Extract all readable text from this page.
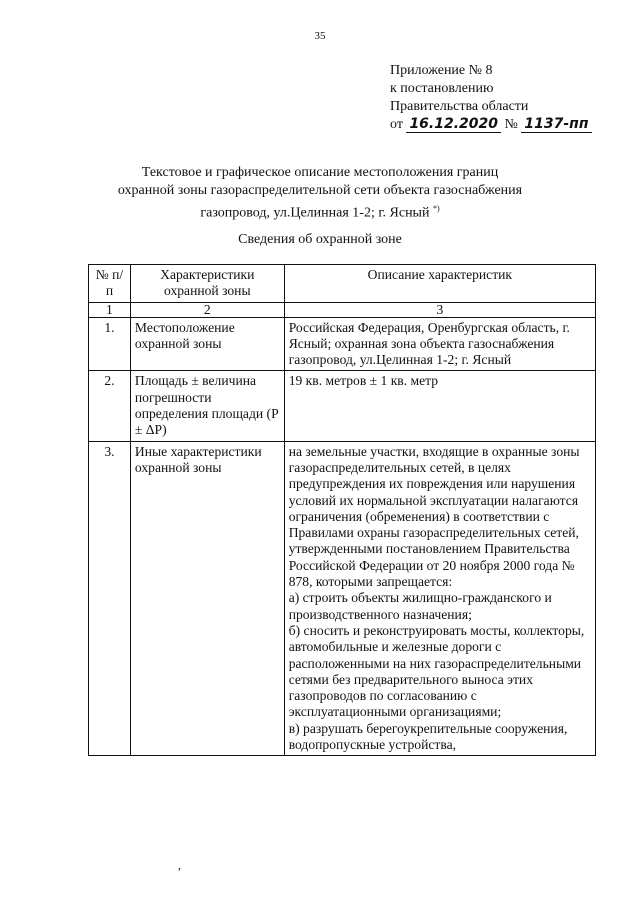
35
Приложение № 8
к постановлению
Правительства области
от 16.12.2020 № 1137-пп
Текстовое и графическое описание местоположения границ
охранной зоны газораспределительной сети объекта газоснабжения
газопровод, ул.Целинная 1-2; г. Ясный *)
Сведения об охранной зоне
№ п/п	Характеристики охранной зоны	Описание характеристик
1	2	3
1.	Местоположение охранной зоны	Российская Федерация, Оренбургская область, г. Ясный; охранная зона объекта газоснабжения газопровод, ул.Целинная 1-2; г. Ясный
2.	Площадь ± величина погрешности определения площади (P ± ΔP)	19 кв. метров ± 1 кв. метр
3.	Иные характеристики охранной зоны	на земельные участки, входящие в охранные зоны газораспределительных сетей, в целях предупреждения их повреждения или нарушения условий их нормальной эксплуатации налагаются ограничения (обременения) в соответствии с Правилами охраны газораспределительных сетей, утвержденными постановлением Правительства Российской Федерации от 20 ноября 2000 года № 878, которыми запрещается:
а) строить объекты жилищно-гражданского и производственного назначения;
б) сносить и реконструировать мосты, коллекторы, автомобильные и железные дороги с расположенными на них газораспределительными сетями без предварительного выноса этих газопроводов по согласованию с эксплуатационными организациями;
в) разрушать берегоукрепительные сооружения, водопропускные устройства,
,
